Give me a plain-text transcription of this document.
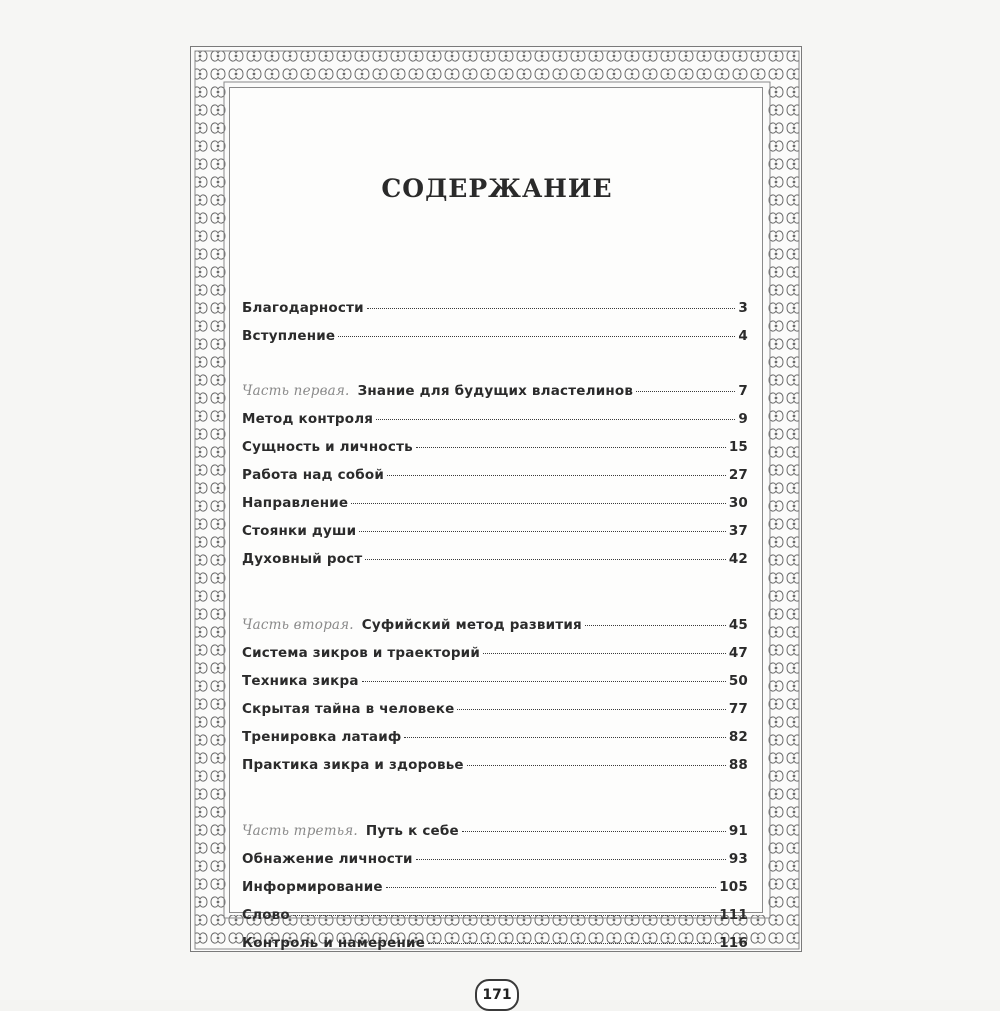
СОДЕРЖАНИЕ
Благодарности	3
Вступление	4
Часть первая. Знание для будущих властелинов	7
Метод контроля	9
Сущность и личность	15
Работа над собой	27
Направление	30
Стоянки души	37
Духовный рост	42
Часть вторая. Суфийский метод развития	45
Система зикров и траекторий	47
Техника зикра	50
Скрытая тайна в человеке	77
Тренировка латаиф	82
Практика зикра и здоровье	88
Часть третья. Путь к себе	91
Обнажение личности	93
Информирование	105
Слово	111
Контроль и намерение	116
171
